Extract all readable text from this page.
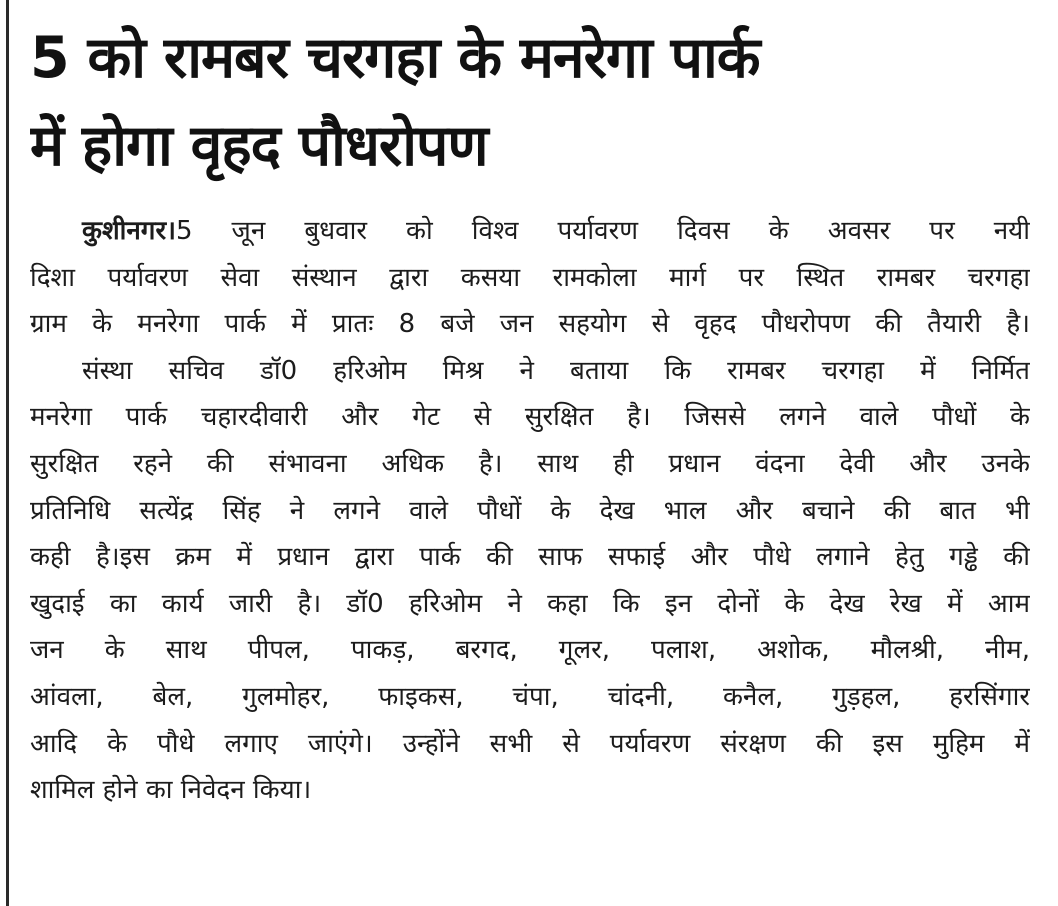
5 को रामबर चरगहा के मनरेगा पार्क
में होगा वृहद पौधरोपण
कुशीनगर।5 जून बुधवार को विश्व पर्यावरण दिवस के अवसर पर नयी
दिशा पर्यावरण सेवा संस्थान द्वारा कसया रामकोला मार्ग पर स्थित रामबर चरगहा
ग्राम के मनरेगा पार्क में प्रातः 8 बजे जन सहयोग से वृहद पौधरोपण की तैयारी है।
संस्था सचिव डॉ0 हरिओम मिश्र ने बताया कि रामबर चरगहा में निर्मित
मनरेगा पार्क चहारदीवारी और गेट से सुरक्षित है। जिससे लगने वाले पौधों के
सुरक्षित रहने की संभावना अधिक है। साथ ही प्रधान वंदना देवी और उनके
प्रतिनिधि सत्येंद्र सिंह ने लगने वाले पौधों के देख भाल और बचाने की बात भी
कही है।इस क्रम में प्रधान द्वारा पार्क की साफ सफाई और पौधे लगाने हेतु गड्ढे की
खुदाई का कार्य जारी है। डॉ0 हरिओम ने कहा कि इन दोनों के देख रेख में आम
जन के साथ पीपल, पाकड़, बरगद, गूलर, पलाश, अशोक, मौलश्री, नीम,
आंवला, बेल, गुलमोहर, फाइकस, चंपा, चांदनी, कनैल, गुड़हल, हरसिंगार
आदि के पौधे लगाए जाएंगे। उन्होंने सभी से पर्यावरण संरक्षण की इस मुहिम में
शामिल होने का निवेदन किया।
